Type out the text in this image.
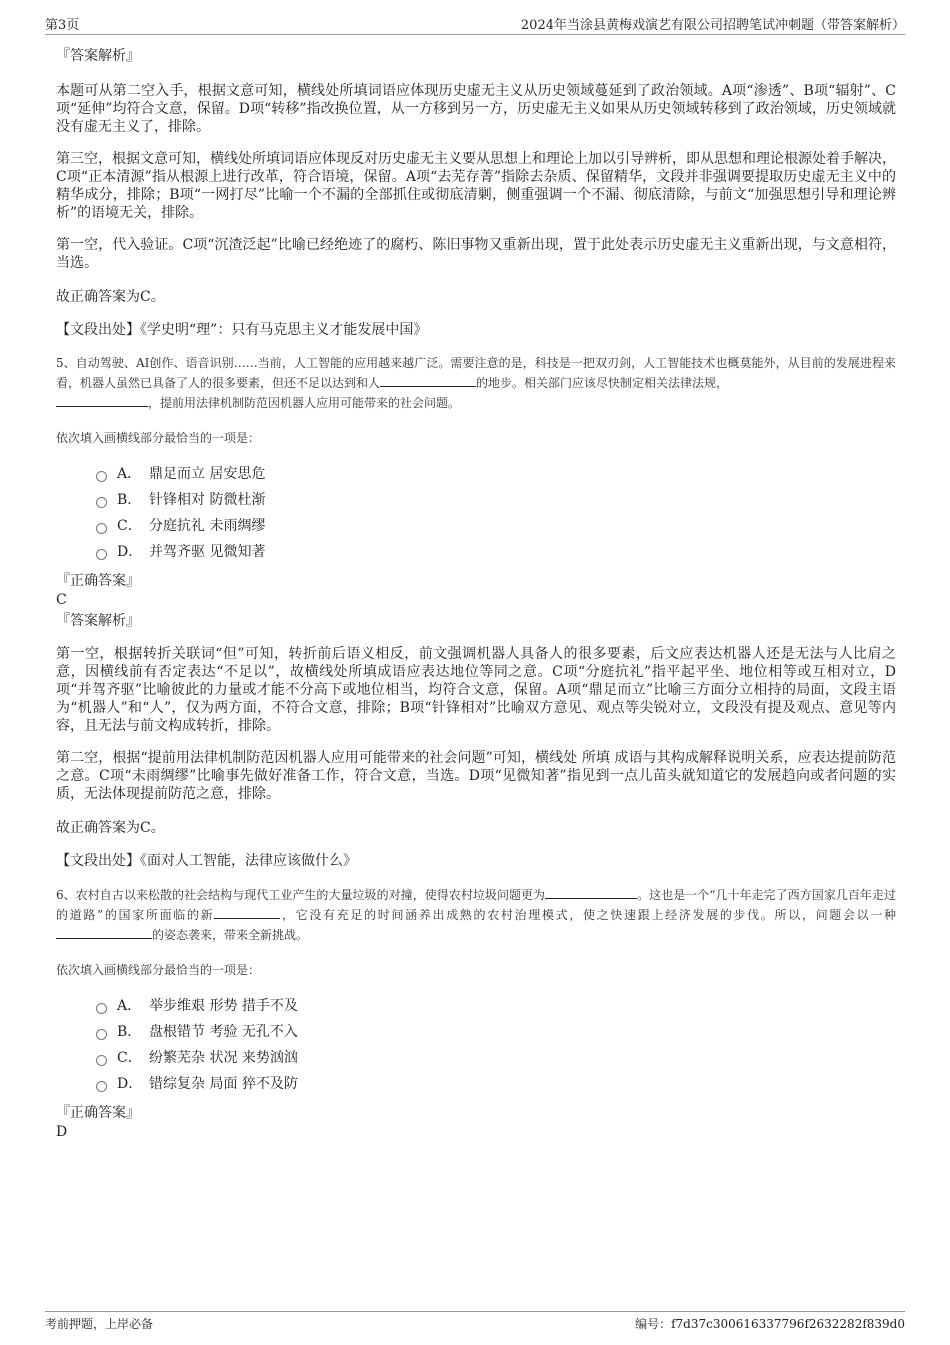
第3页	2024年当涂县黄梅戏演艺有限公司招聘笔试冲刺题（带答案解析）
『答案解析』

本题可从第二空入手，根据文意可知，横线处所填词语应体现历史虚无主义从历史领域蔓延到了政治领域。A项“渗透”、B项“辐射”、C项“延伸”均符合文意，保留。D项“转移”指改换位置，从一方移到另一方，历史虚无主义如果从历史领域转移到了政治领域，历史领域就没有虚无主义了，排除。

第三空，根据文意可知，横线处所填词语应体现反对历史虚无主义要从思想上和理论上加以引导辨析，即从思想和理论根源处着手解决，C项“正本清源”指从根源上进行改革，符合语境，保留。A项“去芜存菁”指除去杂质、保留精华，文段并非强调要提取历史虚无主义中的精华成分，排除；B项“一网打尽”比喻一个不漏的全部抓住或彻底清剿，侧重强调一个不漏、彻底清除，与前文“加强思想引导和理论辨析”的语境无关，排除。

第一空，代入验证。C项“沉渣泛起”比喻已经绝迹了的腐朽、陈旧事物又重新出现，置于此处表示历史虚无主义重新出现，与文意相符，当选。

故正确答案为C。

【文段出处】《学史明“理”：只有马克思主义才能发展中国》
5、自动驾驶、AI创作、语音识别……当前，人工智能的应用越来越广泛。需要注意的是，科技是一把双刃剑，人工智能技术也概莫能外，从目前的发展进程来看，机器人虽然已具备了人的很多要素，但还不足以达到和人	的地步。相关部门应该尽快制定相关法律法规，
，提前用法律机制防范因机器人应用可能带来的社会问题。
依次填入画横线部分最恰当的一项是：
A． 鼎足而立 居安思危
B． 针锋相对 防微杜渐
C． 分庭抗礼 未雨绸缪
D． 并驾齐驱 见微知著
『正确答案』
C
『答案解析』

第一空，根据转折关联词“但”可知，转折前后语义相反，前文强调机器人具备人的很多要素，后文应表达机器人还是无法与人比肩之意，因横线前有否定表达“不足以”，故横线处所填成语应表达地位等同之意。C项“分庭抗礼”指平起平坐、地位相等或互相对立，D项“并驾齐驱”比喻彼此的力量或才能不分高下或地位相当，均符合文意，保留。A项“鼎足而立”比喻三方面分立相持的局面，文段主语为“机器人”和“人”，仅为两方面，不符合文意，排除；B项“针锋相对”比喻双方意见、观点等尖锐对立，文段没有提及观点、意见等内容，且无法与前文构成转折，排除。

第二空，根据“提前用法律机制防范因机器人应用可能带来的社会问题”可知，横线处 所填 成语与其构成解释说明关系，应表达提前防范之意。C项“未雨绸缪”比喻事先做好准备工作，符合文意，当选。D项“见微知著”指见到一点儿苗头就知道它的发展趋向或者问题的实质，无法体现提前防范之意，排除。

故正确答案为C。

【文段出处】《面对人工智能，法律应该做什么》
6、农村自古以来松散的社会结构与现代工业产生的大量垃圾的对撞，使得农村垃圾问题更为	。这也是一个“几十年走完了西方国家几百年走过的道路”的国家所面临的新	，它没有充足的时间涵养出成熟的农村治理模式，使之快速跟上经济发展的步伐。所以，问题会以一种的姿态袭来，带来全新挑战。
依次填入画横线部分最恰当的一项是：
A． 举步维艰 形势 措手不及
B． 盘根错节 考验 无孔不入
C． 纷繁芜杂 状况 来势汹汹
D． 错综复杂 局面 猝不及防
『正确答案』
D
考前押题，上岸必备	编号：f7d37c300616337796f2632282f839d0
